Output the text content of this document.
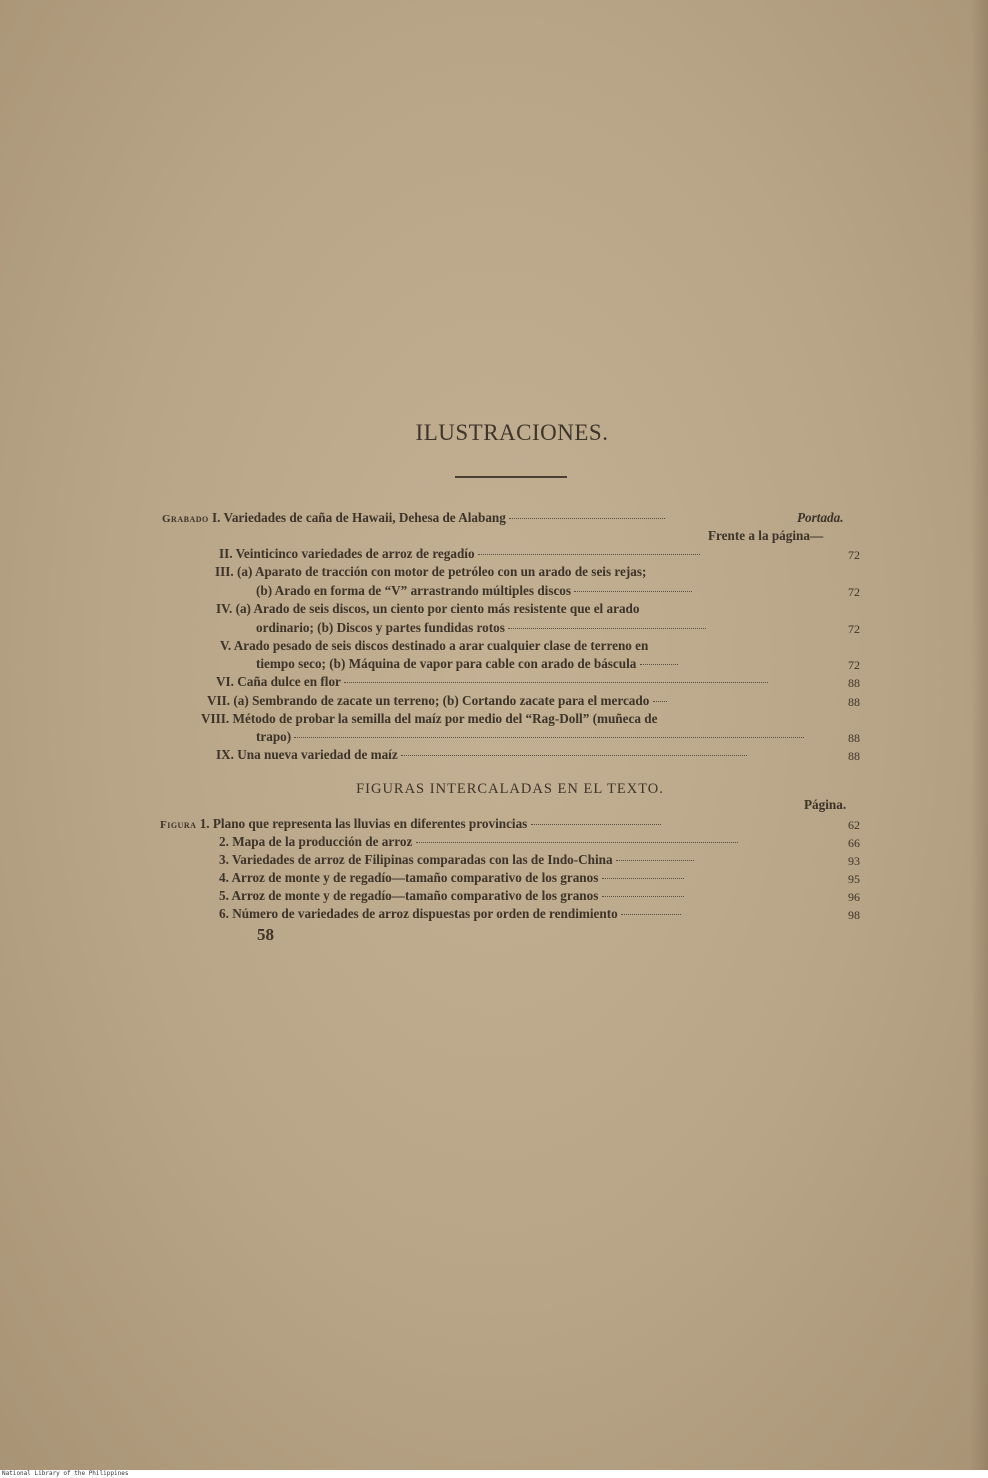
ILUSTRACIONES.
Grabado I. Variedades de caña de Hawaii, Dehesa de Alabang	Portada.
Frente a la página—
II. Veinticinco variedades de arroz de regadío	72
III. (a) Aparato de tracción con motor de petróleo con un arado de seis rejas;
(b) Arado en forma de “V” arrastrando múltiples discos	72
IV. (a) Arado de seis discos, un ciento por ciento más resistente que el arado
ordinario; (b) Discos y partes fundidas rotos	72
V. Arado pesado de seis discos destinado a arar cualquier clase de terreno en
tiempo seco; (b) Máquina de vapor para cable con arado de báscula	72
VI. Caña dulce en flor	88
VII. (a) Sembrando de zacate un terreno; (b) Cortando zacate para el mercado	88
VIII. Método de probar la semilla del maíz por medio del “Rag-Doll” (muñeca de
trapo)	88
IX. Una nueva variedad de maíz	88
FIGURAS INTERCALADAS EN EL TEXTO.
Página.
Figura 1. Plano que representa las lluvias en diferentes provincias	62
2. Mapa de la producción de arroz	66
3. Variedades de arroz de Filipinas comparadas con las de Indo-China	93
4. Arroz de monte y de regadío—tamaño comparativo de los granos	95
5. Arroz de monte y de regadío—tamaño comparativo de los granos	96
6. Número de variedades de arroz dispuestas por orden de rendimiento	98
58
National Library of the Philippines
